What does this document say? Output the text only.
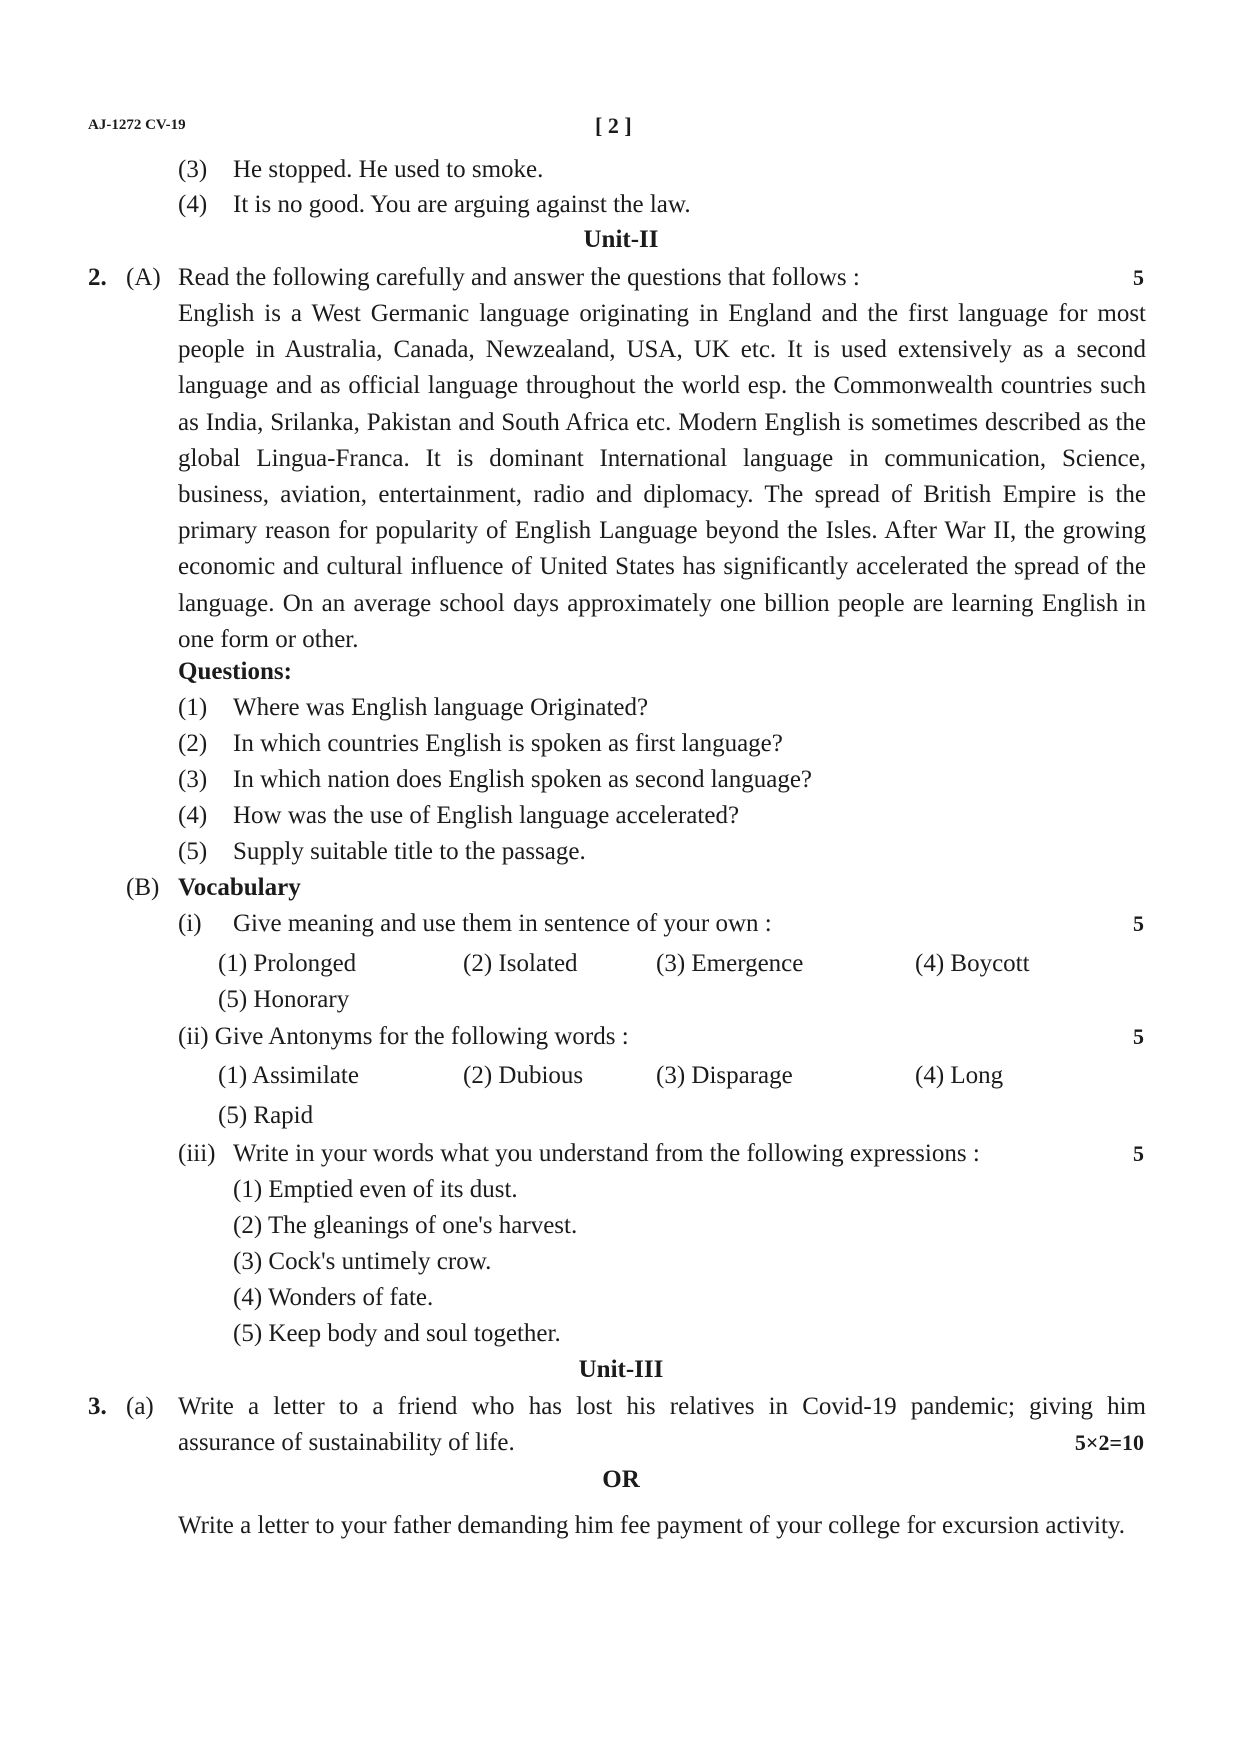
AJ-1272 CV-19	[ 2 ]
(3) He stopped. He used to smoke.
(4) It is no good. You are arguing against the law.
Unit-II
2. (A) Read the following carefully and answer the questions that follows :	5
English is a West Germanic language originating in England and the first language for most people in Australia, Canada, Newzealand, USA, UK etc. It is used extensively as a second language and as official language throughout the world esp. the Commonwealth countries such as India, Srilanka, Pakistan and South Africa etc. Modern English is sometimes described as the global Lingua-Franca. It is dominant International language in communication, Science, business, aviation, entertainment, radio and diplomacy. The spread of British Empire is the primary reason for popularity of English Language beyond the Isles. After War II, the growing economic and cultural influence of United States has significantly accelerated the spread of the language. On an average school days approximately one billion people are learning English in one form or other.
Questions:
(1) Where was English language Originated?
(2) In which countries English is spoken as first language?
(3) In which nation does English spoken as second language?
(4) How was the use of English language accelerated?
(5) Supply suitable title to the passage.
(B) Vocabulary
(i) Give meaning and use them in sentence of your own :	5
(1) Prolonged	(2) Isolated	(3) Emergence	(4) Boycott
(5) Honorary
(ii) Give Antonyms for the following words :	5
(1) Assimilate	(2) Dubious	(3) Disparage	(4) Long
(5) Rapid
(iii) Write in your words what you understand from the following expressions :	5
(1) Emptied even of its dust.
(2) The gleanings of one's harvest.
(3) Cock's untimely crow.
(4) Wonders of fate.
(5) Keep body and soul together.
Unit-III
3. (a) Write a letter to a friend who has lost his relatives in Covid-19 pandemic; giving him
assurance of sustainability of life.	5×2=10
OR
Write a letter to your father demanding him fee payment of your college for excursion activity.
